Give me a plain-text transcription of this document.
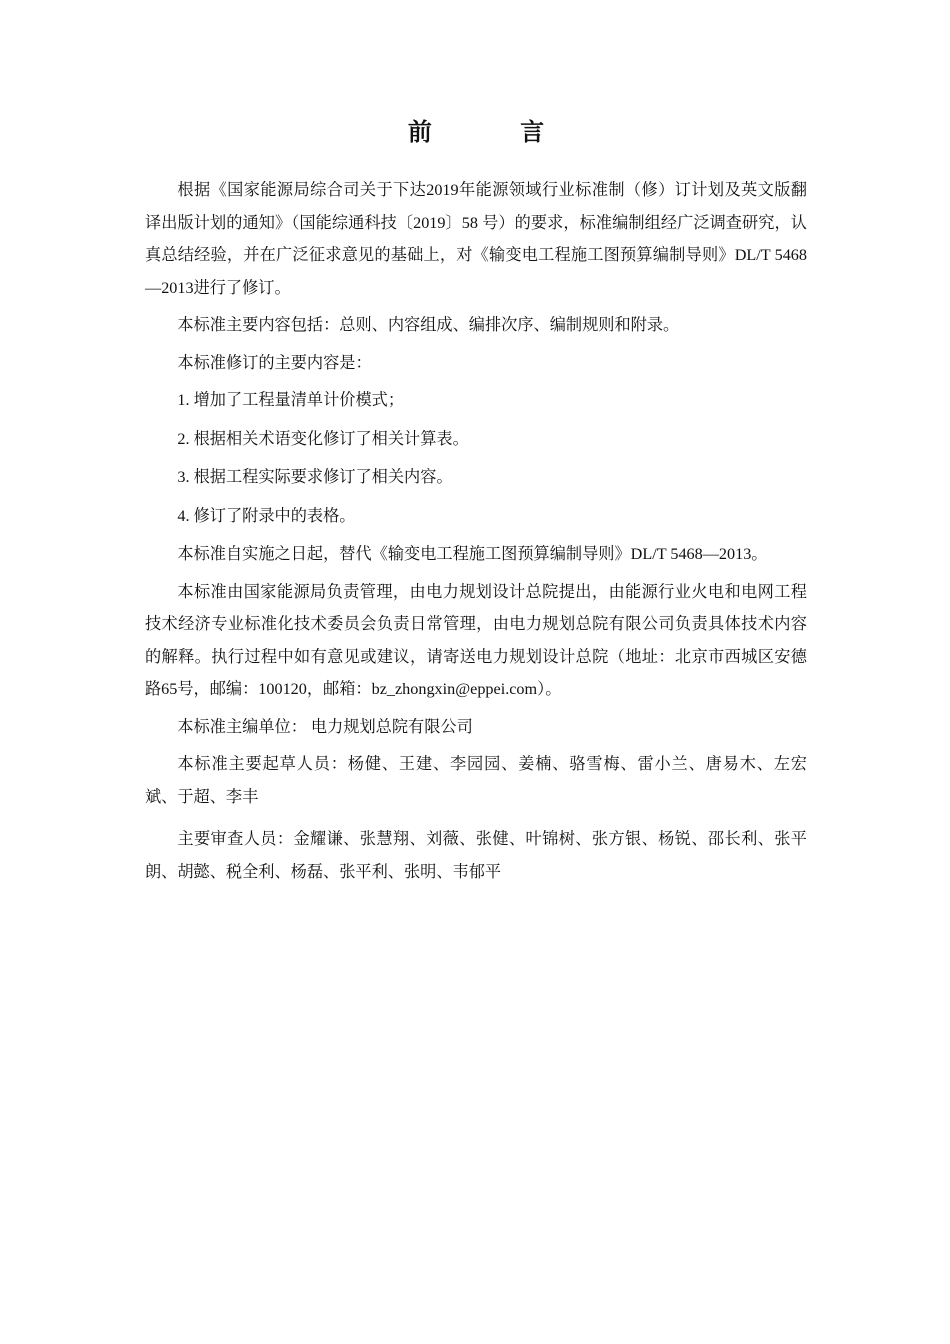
前 言

根据《国家能源局综合司关于下达2019年能源领域行业标准制（修）订计划及英文版翻译出版计划的通知》（国能综通科技〔2019〕58 号）的要求，标准编制组经广泛调查研究，认真总结经验，并在广泛征求意见的基础上，对《输变电工程施工图预算编制导则》DL/T 5468—2013进行了修订。

本标准主要内容包括：总则、内容组成、编排次序、编制规则和附录。

本标准修订的主要内容是：

1. 增加了工程量清单计价模式；

2. 根据相关术语变化修订了相关计算表。

3. 根据工程实际要求修订了相关内容。

4. 修订了附录中的表格。

本标准自实施之日起，替代《输变电工程施工图预算编制导则》DL/T 5468—2013。

本标准由国家能源局负责管理，由电力规划设计总院提出，由能源行业火电和电网工程技术经济专业标准化技术委员会负责日常管理，由电力规划总院有限公司负责具体技术内容的解释。执行过程中如有意见或建议，请寄送电力规划设计总院（地址：北京市西城区安德路65号，邮编：100120，邮箱：bz_zhongxin@eppei.com）。

本标准主编单位： 电力规划总院有限公司

本标准主要起草人员：杨健、王建、李园园、姜楠、骆雪梅、雷小兰、唐易木、左宏斌、于超、李丰

主要审查人员：金耀谦、张慧翔、刘薇、张健、叶锦树、张方银、杨锐、邵长利、张平朗、胡懿、税全利、杨磊、张平利、张明、韦郁平
